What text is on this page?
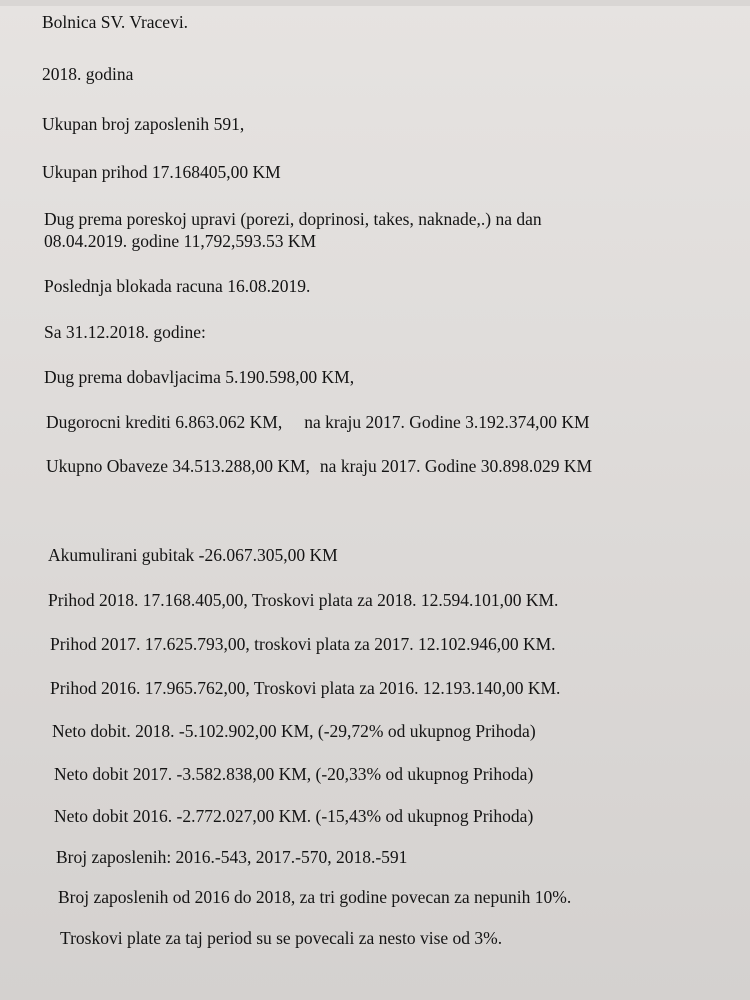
Bolnica SV. Vracevi.
2018. godina
Ukupan broj zaposlenih 591,
Ukupan prihod 17.168405,00 KM
Dug prema poreskoj upravi (porezi, doprinosi, takes, naknade,.) na dan
08.04.2019. godine 11,792,593.53 KM
Poslednja blokada racuna 16.08.2019.
Sa 31.12.2018. godine:
Dug prema dobavljacima 5.190.598,00 KM,
Dugorocni krediti 6.863.062 KM, na kraju 2017. Godine 3.192.374,00 KM
Ukupno Obaveze 34.513.288,00 KM, na kraju 2017. Godine 30.898.029 KM
Akumulirani gubitak -26.067.305,00 KM
Prihod 2018. 17.168.405,00, Troskovi plata za 2018. 12.594.101,00 KM.
Prihod 2017. 17.625.793,00, troskovi plata za 2017. 12.102.946,00 KM.
Prihod 2016. 17.965.762,00, Troskovi plata za 2016. 12.193.140,00 KM.
Neto dobit. 2018. -5.102.902,00 KM, (-29,72% od ukupnog Prihoda)
Neto dobit 2017. -3.582.838,00 KM, (-20,33% od ukupnog Prihoda)
Neto dobit 2016. -2.772.027,00 KM. (-15,43% od ukupnog Prihoda)
Broj zaposlenih: 2016.-543, 2017.-570, 2018.-591
Broj zaposlenih od 2016 do 2018, za tri godine povecan za nepunih 10%.
Troskovi plate za taj period su se povecali za nesto vise od 3%.
